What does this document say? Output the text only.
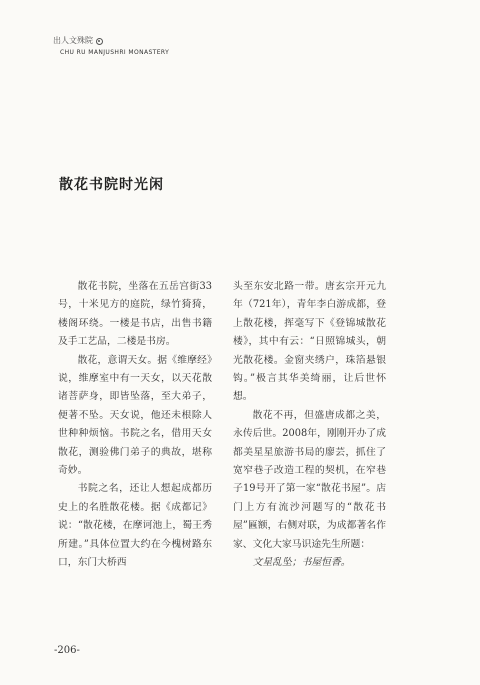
出人文殊院
CHU RU MANJUSHRI MONASTERY
散花书院时光闲

散花书院，坐落在五岳宫街33号，十米见方的庭院，绿竹猗猗，楼阁环绕。一楼是书店，出售书籍及手工艺品，二楼是书房。

散花，意谓天女。据《维摩经》说，维摩室中有一天女，以天花散诸菩萨身，即皆坠落，至大弟子，便著不坠。天女说，他还未根除人世种种烦恼。书院之名，借用天女散花，测验佛门弟子的典故，堪称奇妙。

书院之名，还让人想起成都历史上的名胜散花楼。据《成都记》说：“散花楼，在摩诃池上，蜀王秀所建。”具体位置大约在今槐树路东口，东门大桥西

头至东安北路一带。唐玄宗开元九年（721年），青年李白游成都，登上散花楼，挥毫写下《登锦城散花楼》，其中有云：“日照锦城头，朝光散花楼。金窗夹绣户，珠箔悬银钩。”极言其华美绮丽，让后世怀想。

散花不再，但盛唐成都之美，永传后世。2008年，刚刚开办了成都美星星旅游书局的廖芸，抓住了宽窄巷子改造工程的契机，在窄巷子19号开了第一家“散花书屋”。店门上方有流沙河题写的“散花书屋”匾额，右侧对联，为成都著名作家、文化大家马识途先生所题：

文星乱坠；书屋恒香。

-206-
